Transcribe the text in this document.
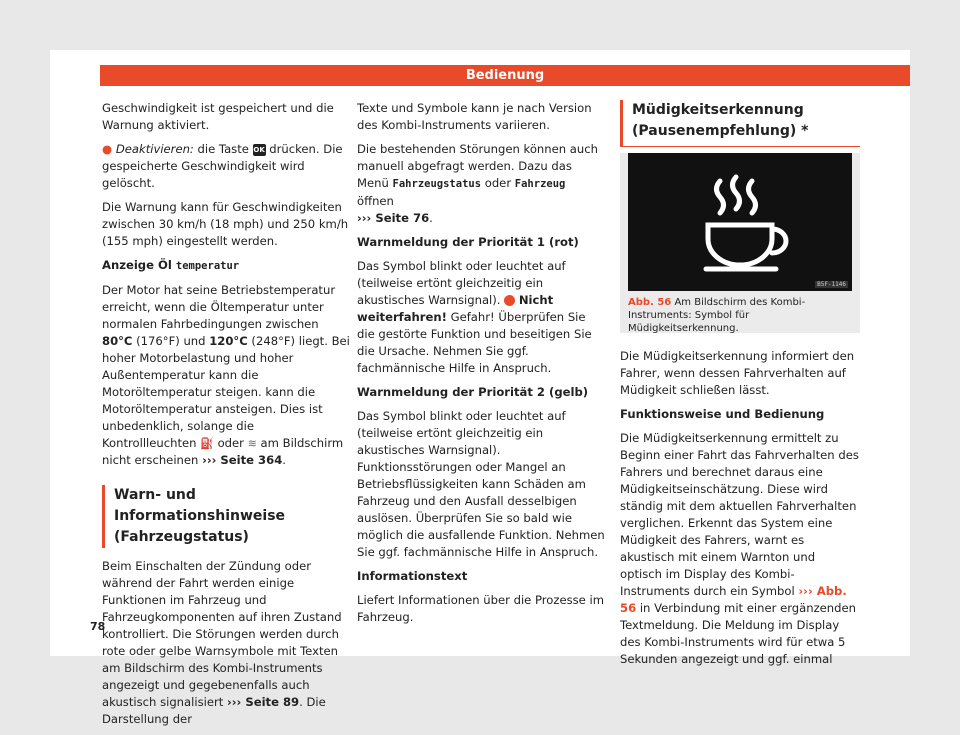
Bedienung

Geschwindigkeit ist gespeichert und die Warnung aktiviert.

● Deaktivieren: die Taste OK drücken. Die gespeicherte Geschwindigkeit wird gelöscht.

Die Warnung kann für Geschwindigkeiten zwischen 30 km/h (18 mph) und 250 km/h (155 mph) eingestellt werden.

Anzeige Öl temperatur

Der Motor hat seine Betriebstemperatur erreicht, wenn die Öltemperatur unter normalen Fahrbedingungen zwischen 80°C (176°F) und 120°C (248°F) liegt. Bei hoher Motorbelastung und hoher Außentemperatur kann die Motoröltemperatur steigen. kann die Motoröltemperatur ansteigen. Dies ist unbedenklich, solange die Kontrollleuchten ⛽ oder ≋ am Bildschirm nicht erscheinen ››› Seite 364.

Warn- und Informationshinweise (Fahrzeugstatus)

Beim Einschalten der Zündung oder während der Fahrt werden einige Funktionen im Fahrzeug und Fahrzeugkomponenten auf ihren Zustand kontrolliert. Die Störungen werden durch rote oder gelbe Warnsymbole mit Texten am Bildschirm des Kombi-Instruments angezeigt und gegebenenfalls auch akustisch signalisiert ››› Seite 89. Die Darstellung der

Texte und Symbole kann je nach Version des Kombi-Instruments variieren.

Die bestehenden Störungen können auch manuell abgefragt werden. Dazu das Menü Fahrzeugstatus oder Fahrzeug öffnen
››› Seite 76.

Warnmeldung der Priorität 1 (rot)

Das Symbol blinkt oder leuchtet auf (teilweise ertönt gleichzeitig ein akustisches Warnsignal).  Nicht weiterfahren! Gefahr! Überprüfen Sie die gestörte Funktion und beseitigen Sie die Ursache. Nehmen Sie ggf. fachmännische Hilfe in Anspruch.

Warnmeldung der Priorität 2 (gelb)

Das Symbol blinkt oder leuchtet auf (teilweise ertönt gleichzeitig ein akustisches Warnsignal). Funktionsstörungen oder Mangel an Betriebsflüssigkeiten kann Schäden am Fahrzeug und den Ausfall desselbigen auslösen. Überprüfen Sie so bald wie möglich die ausfallende Funktion. Nehmen Sie ggf. fachmännische Hilfe in Anspruch.

Informationstext

Liefert Informationen über die Prozesse im Fahrzeug.

Müdigkeitserkennung (Pausenempfehlung) *
B5F-1146
Abb. 56 Am Bildschirm des Kombi-Instruments: Symbol für Müdigkeitserkennung.

Die Müdigkeitserkennung informiert den Fahrer, wenn dessen Fahrverhalten auf Müdigkeit schließen lässt.

Funktionsweise und Bedienung

Die Müdigkeitserkennung ermittelt zu Beginn einer Fahrt das Fahrverhalten des Fahrers und berechnet daraus eine Müdigkeitseinschätzung. Diese wird ständig mit dem aktuellen Fahrverhalten verglichen. Erkennt das System eine Müdigkeit des Fahrers, warnt es akustisch mit einem Warnton und optisch im Display des Kombi-Instruments durch ein Symbol ››› Abb. 56 in Verbindung mit einer ergänzenden Textmeldung. Die Meldung im Display des Kombi-Instruments wird für etwa 5 Sekunden angezeigt und ggf. einmal

78
